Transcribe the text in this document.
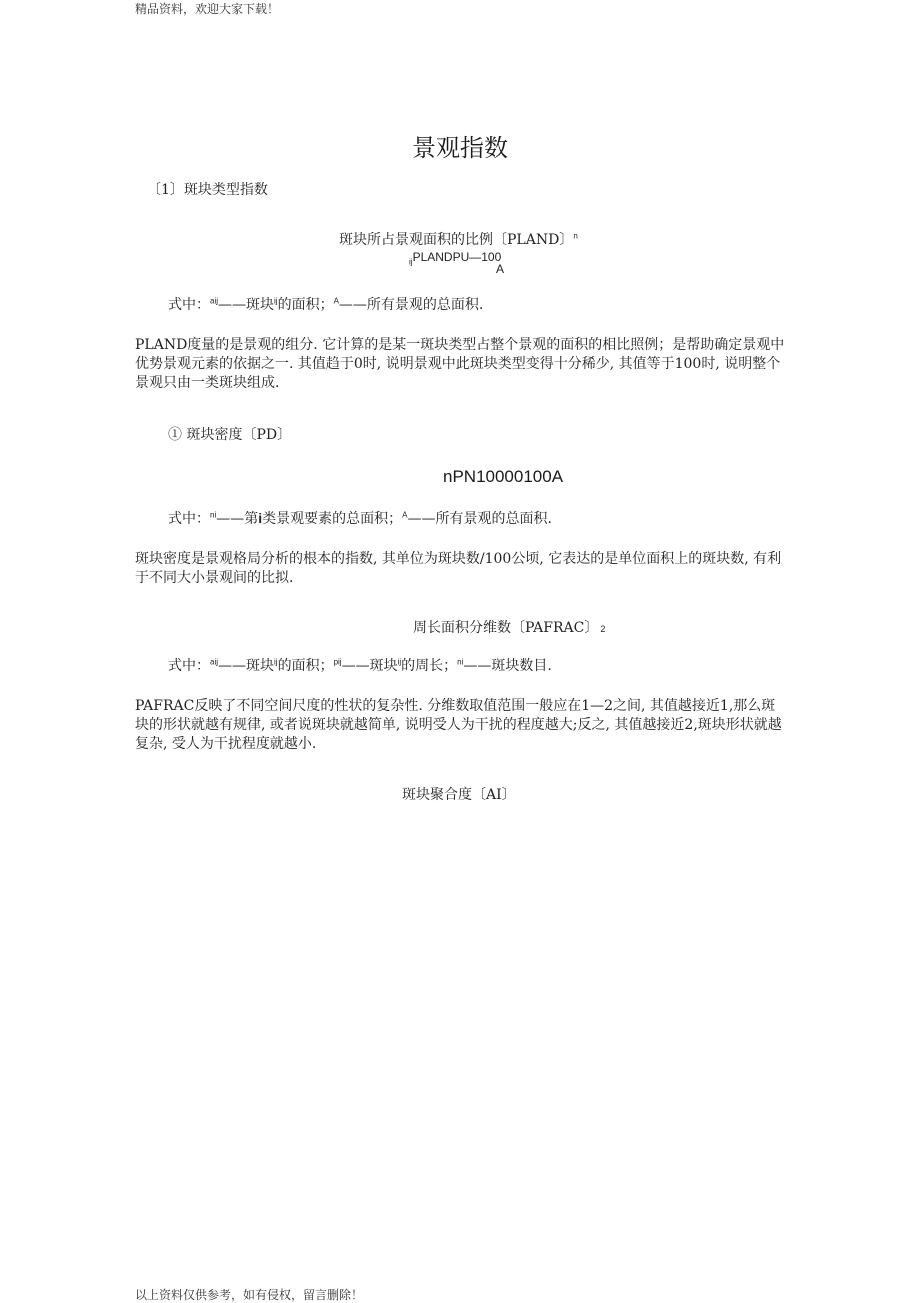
精品资料，欢迎大家下载！
景观指数
〔1〕斑块类型指数
斑块所占景观面积的比例〔PLAND〕$^n$
$_{ij}$PLANDPU—100
A
式中：$^{aij}$——斑块$^{ij}$的面积；$^A$——所有景观的总面积.
PLAND度量的是景观的组分. 它计算的是某一斑块类型占整个景观的面积的相比照例；是帮助确定景观中优势景观元素的依据之一. 其值趋于0时, 说明景观中此斑块类型变得十分稀少, 其值等于100时, 说明整个景观只由一类斑块组成.
① 斑块密度〔PD〕
nPN10000100A
式中：$^{ni}$——第i类景观要素的总面积；$^A$——所有景观的总面积.
斑块密度是景观格局分析的根本的指数, 其单位为斑块数/100公顷, 它表达的是单位面积上的斑块数, 有利于不同大小景观间的比拟.
周长面积分维数〔PAFRAC〕 2
式中：$^{aij}$——斑块$^{ij}$的面积；$^{pij}$——斑块$^{ij}$的周长；$^{ni}$——斑块数目.
PAFRAC反映了不同空间尺度的性状的复杂性. 分维数取值范围一般应在1—2之间, 其值越接近1,那么斑块的形状就越有规律, 或者说斑块就越简单, 说明受人为干扰的程度越大;反之, 其值越接近2,斑块形状就越复杂, 受人为干扰程度就越小.
斑块聚合度〔AI〕
以上资料仅供参考，如有侵权，留言删除！
